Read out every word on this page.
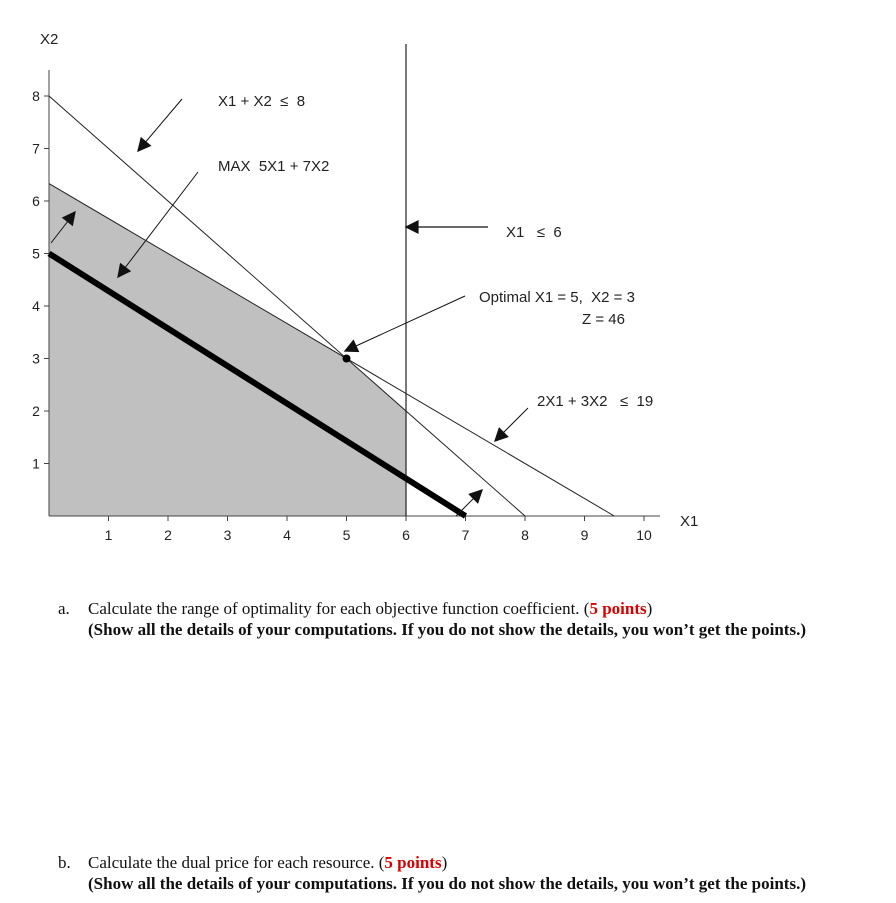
X2
X1
1	2	3	4	5	6	7	8	9	10
1
2
3
4
5
6
7
8	X1 + X2  ≤  8
MAX  5X1 + 7X2
X1   ≤  6
Optimal X1 = 5,  X2 = 3
Z = 46
2X1 + 3X2   ≤  19
a. Calculate the range of optimality for each objective function coefficient. (5 points)
(Show all the details of your computations. If you do not show the details, you won’t get the points.)
b. Calculate the dual price for each resource. (5 points)
(Show all the details of your computations. If you do not show the details, you won’t get the points.)
